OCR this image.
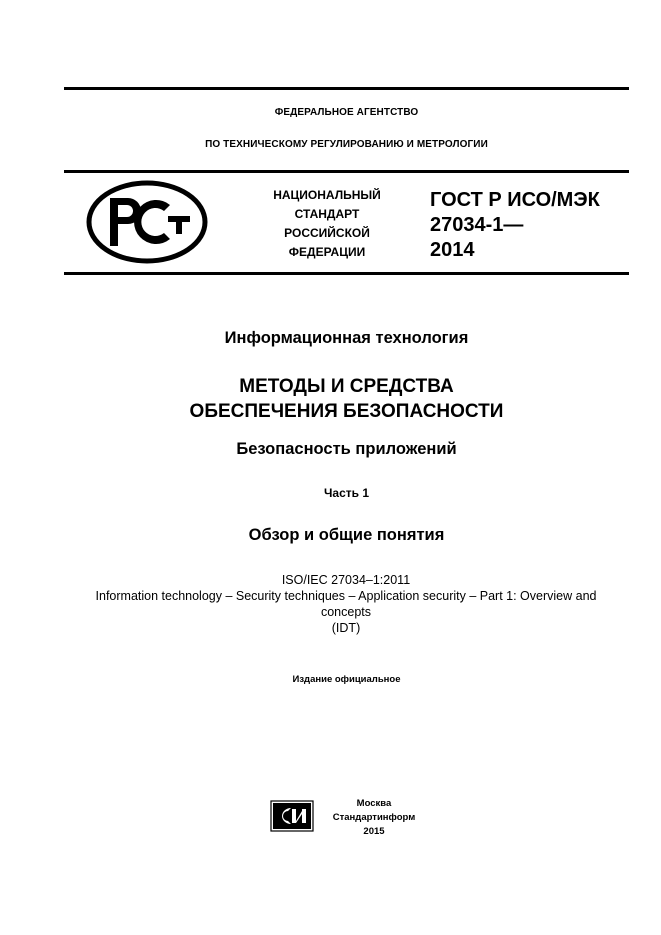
ФЕДЕРАЛЬНОЕ АГЕНТСТВО
ПО ТЕХНИЧЕСКОМУ РЕГУЛИРОВАНИЮ И МЕТРОЛОГИИ
НАЦИОНАЛЬНЫЙ
СТАНДАРТ
РОССИЙСКОЙ
ФЕДЕРАЦИИ
ГОСТ Р ИСО/МЭК
27034-1—
2014
Информационная технология
МЕТОДЫ И СРЕДСТВА
ОБЕСПЕЧЕНИЯ БЕЗОПАСНОСТИ
Безопасность приложений
Часть 1
Обзор и общие понятия
ISO/IEC 27034–1:2011
Information technology – Security techniques – Application security – Part 1: Overview and
concepts
(IDT)
Издание официальное
Москва
Стандартинформ
2015
